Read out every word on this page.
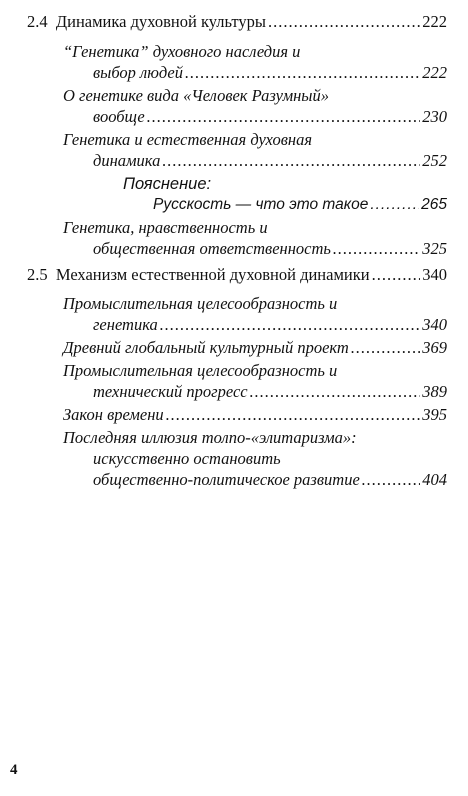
2.4 Динамика духовной культуры .....	222
“Генетика” духовного наследия и
выбор людей .....	222
О генетике вида «Человек Разумный»
вообще .....	230
Генетика и естественная духовная
динамика .....	252
Пояснение:
Русскость — что это такое .....	265
Генетика, нравственность и
общественная ответственность .....	325
2.5 Механизм естественной духовной динамики .....	340
Промыслительная целесообразность и
генетика .....	340
Древний глобальный культурный проект .....	369
Промыслительная целесообразность и
технический прогресс .....	389
Закон времени .....	395
Последняя иллюзия толпо-«элитаризма»:
искусственно остановить
общественно-политическое развитие .....	404
4
